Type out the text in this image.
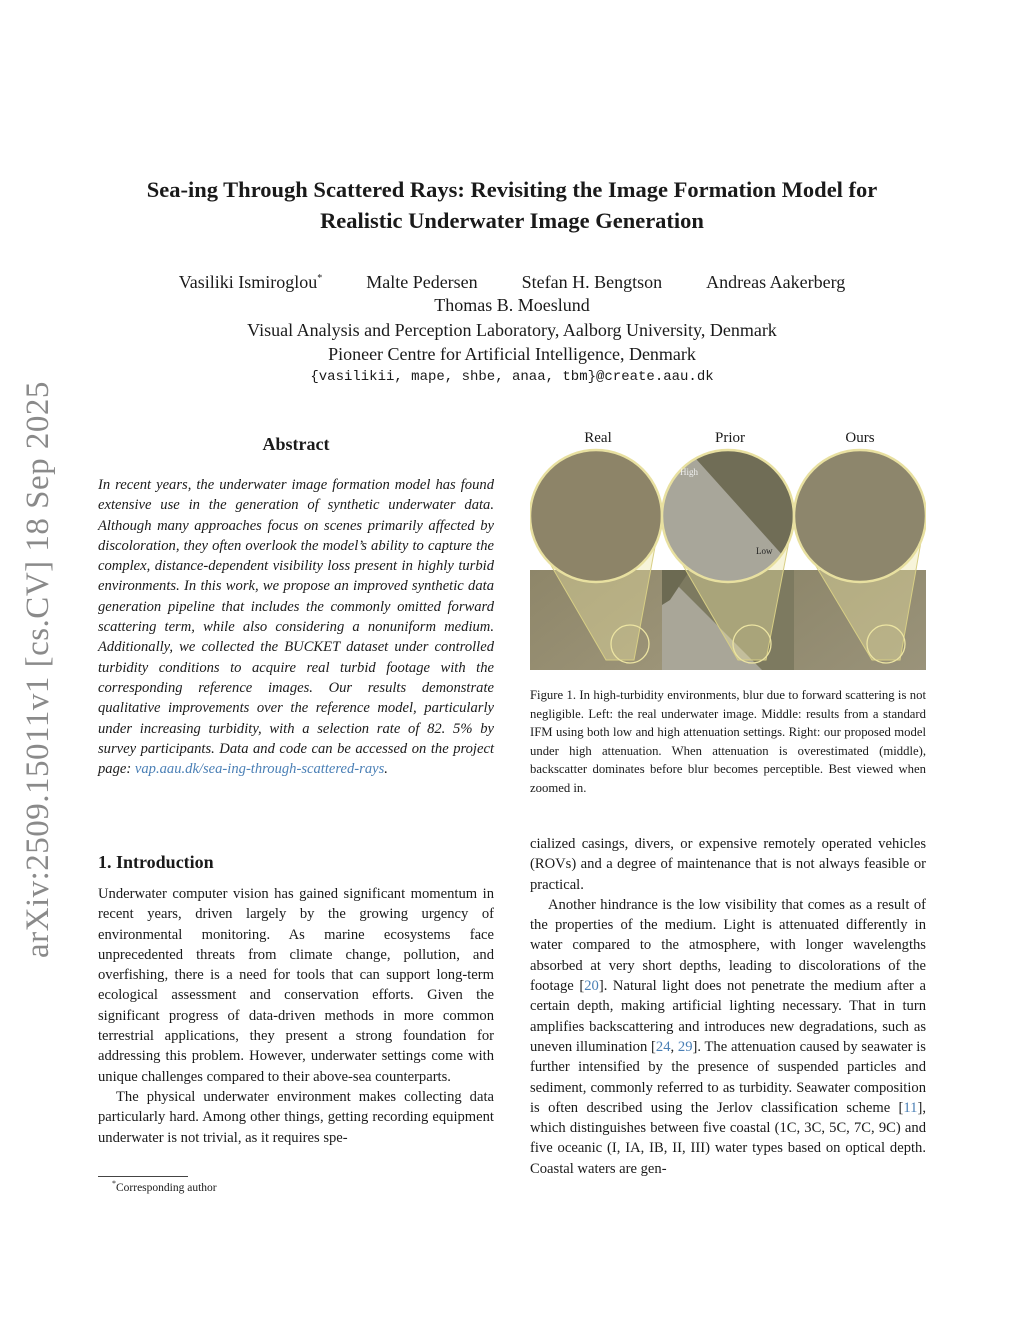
arXiv:2509.15011v1 [cs.CV] 18 Sep 2025
Sea-ing Through Scattered Rays: Revisiting the Image Formation Model for
Realistic Underwater Image Generation
Vasiliki Ismiroglou* Malte Pedersen Stefan H. Bengtson Andreas Aakerberg
Thomas B. Moeslund
Visual Analysis and Perception Laboratory, Aalborg University, Denmark
Pioneer Centre for Artificial Intelligence, Denmark
{vasilikii, mape, shbe, anaa, tbm}@create.aau.dk
Abstract
In recent years, the underwater image formation model has found extensive use in the generation of synthetic underwater data. Although many approaches focus on scenes primarily affected by discoloration, they often overlook the model’s ability to capture the complex, distance-dependent visibility loss present in highly turbid environments. In this work, we propose an improved synthetic data generation pipeline that includes the commonly omitted forward scattering term, while also considering a nonuniform medium. Additionally, we collected the BUCKET dataset under controlled turbidity conditions to acquire real turbid footage with the corresponding reference images. Our results demonstrate qualitative improvements over the reference model, particularly under increasing turbidity, with a selection rate of 82. 5% by survey participants. Data and code can be accessed on the project page: vap.aau.dk/sea-ing-through-scattered-rays.
1. Introduction

Underwater computer vision has gained significant momentum in recent years, driven largely by the growing urgency of environmental monitoring. As marine ecosystems face unprecedented threats from climate change, pollution, and overfishing, there is a need for tools that can support long-term ecological assessment and conservation efforts. Given the significant progress of data-driven methods in more common terrestrial applications, they present a strong foundation for addressing this problem. However, underwater settings come with unique challenges compared to their above-sea counterparts.

The physical underwater environment makes collecting data particularly hard. Among other things, getting recording equipment underwater is not trivial, as it requires spe-

*Corresponding author
Real	Prior	Ours
High
Low
Figure 1. In high-turbidity environments, blur due to forward scattering is not negligible. Left: the real underwater image. Middle: results from a standard IFM using both low and high attenuation settings. Right: our proposed model under high attenuation. When attenuation is overestimated (middle), backscatter dominates before blur becomes perceptible. Best viewed when zoomed in.

cialized casings, divers, or expensive remotely operated vehicles (ROVs) and a degree of maintenance that is not always feasible or practical.

Another hindrance is the low visibility that comes as a result of the properties of the medium. Light is attenuated differently in water compared to the atmosphere, with longer wavelengths absorbed at very short depths, leading to discolorations of the footage [20]. Natural light does not penetrate the medium after a certain depth, making artificial lighting necessary. That in turn amplifies backscattering and introduces new degradations, such as uneven illumination [24, 29]. The attenuation caused by seawater is further intensified by the presence of suspended particles and sediment, commonly referred to as turbidity. Seawater composition is often described using the Jerlov classification scheme [11], which distinguishes between five coastal (1C, 3C, 5C, 7C, 9C) and five oceanic (I, IA, IB, II, III) water types based on optical depth. Coastal waters are gen-
